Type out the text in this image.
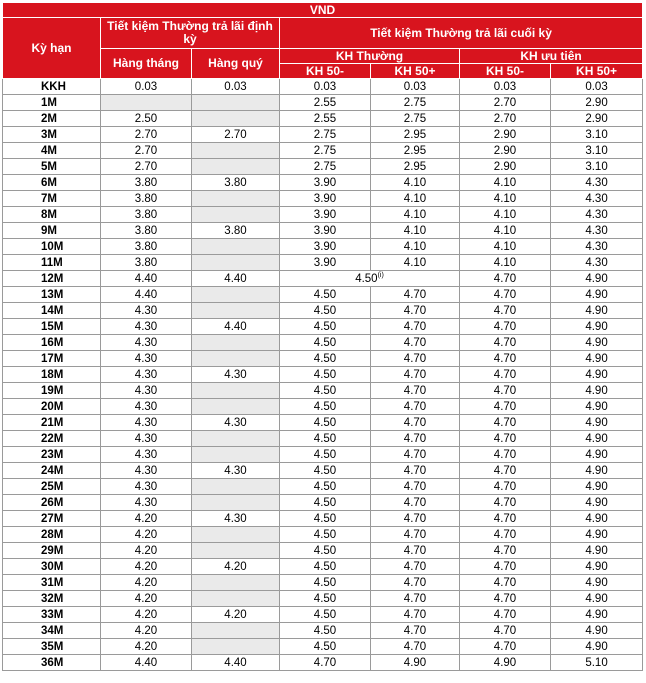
VND						
Kỳ hạn	Tiết kiệm Thường trả lãi định kỳ		Tiết kiệm Thường trả lãi cuối kỳ			

	Hàng tháng	Hàng quý	KH Thường		KH ưu tiên	
			KH 50-	KH 50+	KH 50-	KH 50+
KKH	0.03	0.03	0.03	0.03	0.03	0.03
1M			2.55	2.75	2.70	2.90
2M	2.50		2.55	2.75	2.70	2.90
3M	2.70	2.70	2.75	2.95	2.90	3.10
4M	2.70		2.75	2.95	2.90	3.10
5M	2.70		2.75	2.95	2.90	3.10
6M	3.80	3.80	3.90	4.10	4.10	4.30
7M	3.80		3.90	4.10	4.10	4.30
8M	3.80		3.90	4.10	4.10	4.30
9M	3.80	3.80	3.90	4.10	4.10	4.30
10M	3.80		3.90	4.10	4.10	4.30
11M	3.80		3.90	4.10	4.10	4.30
12M	4.40	4.40	4.50$^{(i)}$		4.70	4.90
13M	4.40		4.50	4.70	4.70	4.90
14M	4.30		4.50	4.70	4.70	4.90
15M	4.30	4.40	4.50	4.70	4.70	4.90
16M	4.30		4.50	4.70	4.70	4.90
17M	4.30		4.50	4.70	4.70	4.90
18M	4.30	4.30	4.50	4.70	4.70	4.90
19M	4.30		4.50	4.70	4.70	4.90
20M	4.30		4.50	4.70	4.70	4.90
21M	4.30	4.30	4.50	4.70	4.70	4.90
22M	4.30		4.50	4.70	4.70	4.90
23M	4.30		4.50	4.70	4.70	4.90
24M	4.30	4.30	4.50	4.70	4.70	4.90
25M	4.30		4.50	4.70	4.70	4.90
26M	4.30		4.50	4.70	4.70	4.90
27M	4.20	4.30	4.50	4.70	4.70	4.90
28M	4.20		4.50	4.70	4.70	4.90
29M	4.20		4.50	4.70	4.70	4.90
30M	4.20	4.20	4.50	4.70	4.70	4.90
31M	4.20		4.50	4.70	4.70	4.90
32M	4.20		4.50	4.70	4.70	4.90
33M	4.20	4.20	4.50	4.70	4.70	4.90
34M	4.20		4.50	4.70	4.70	4.90
35M	4.20		4.50	4.70	4.70	4.90
36M	4.40	4.40	4.70	4.90	4.90	5.10
